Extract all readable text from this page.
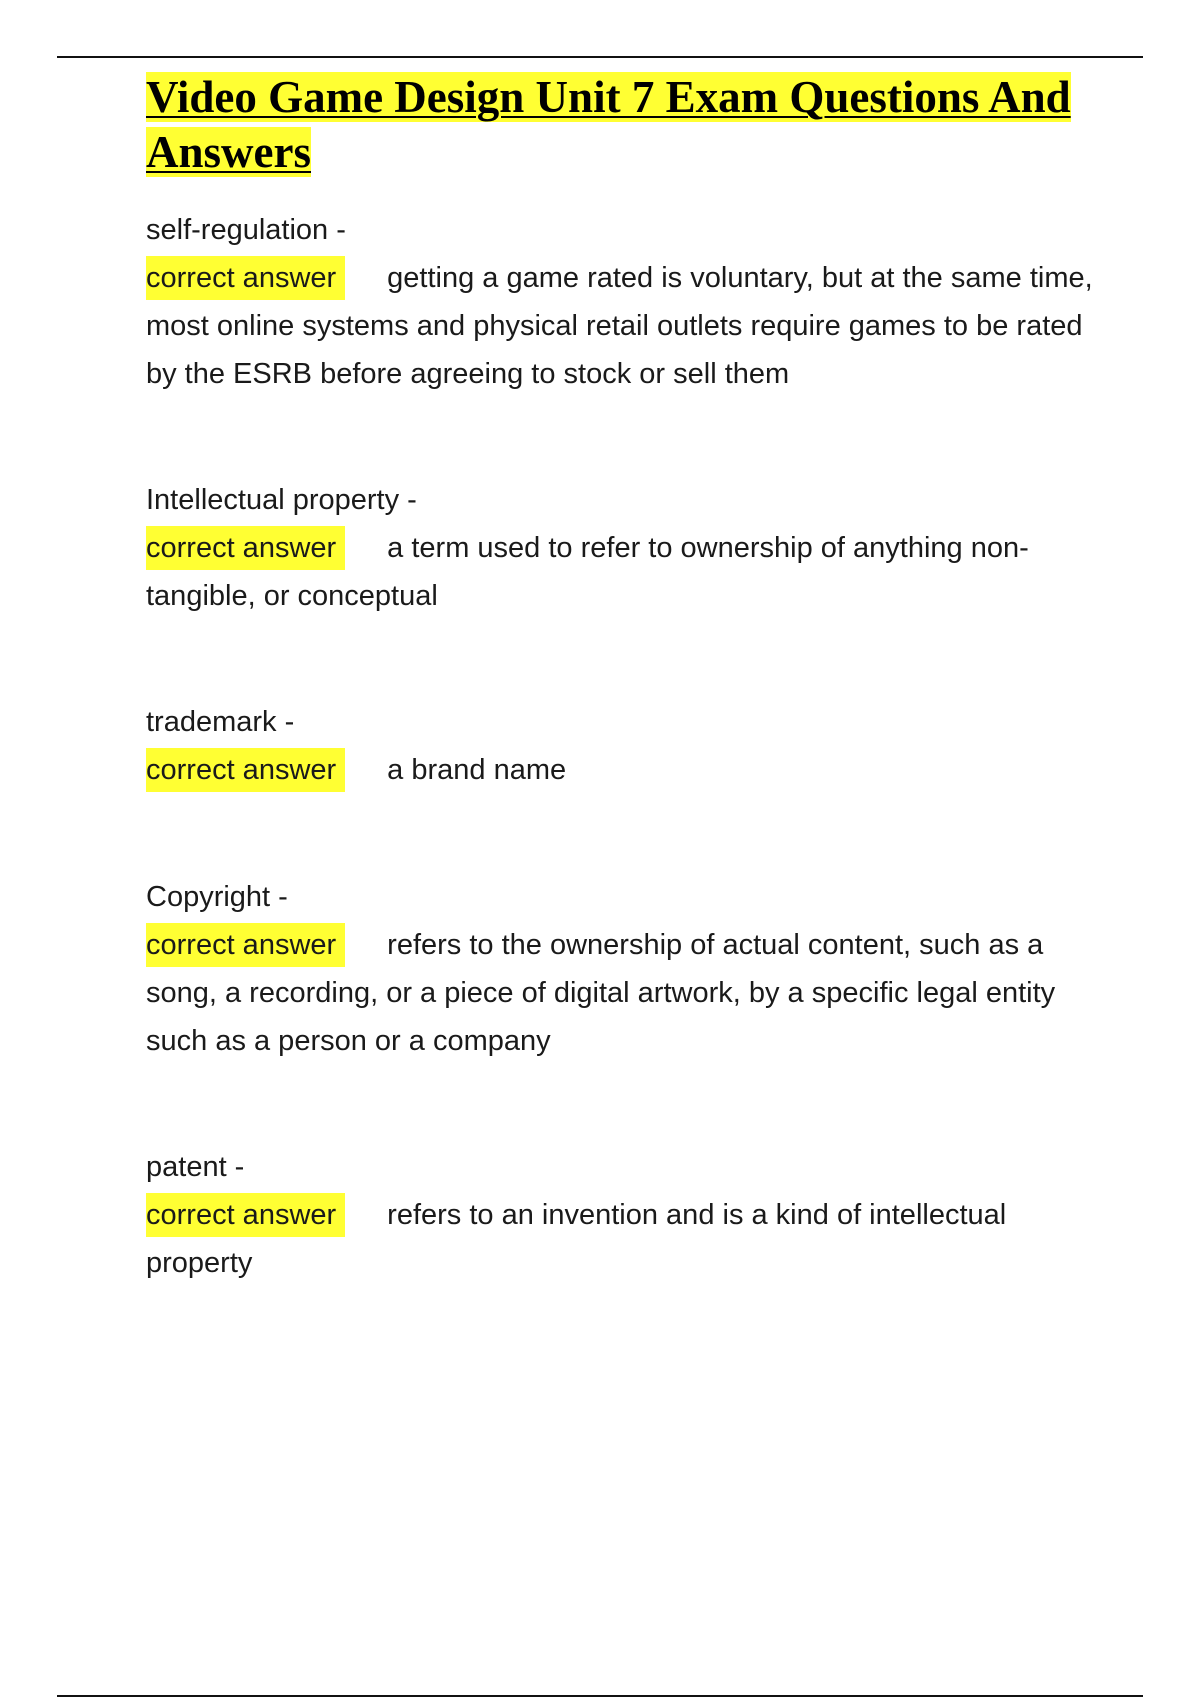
Video Game Design Unit 7 Exam Questions And Answers
self-regulation -
correct answer getting a game rated is voluntary, but at the same time, most online systems and physical retail outlets require games to be rated by the ESRB before agreeing to stock or sell them
Intellectual property -
correct answer a term used to refer to ownership of anything non-tangible, or conceptual
trademark -
correct answer a brand name
Copyright -
correct answer refers to the ownership of actual content, such as a song, a recording, or a piece of digital artwork, by a specific legal entity such as a person or a company
patent -
correct answer refers to an invention and is a kind of intellectual property
